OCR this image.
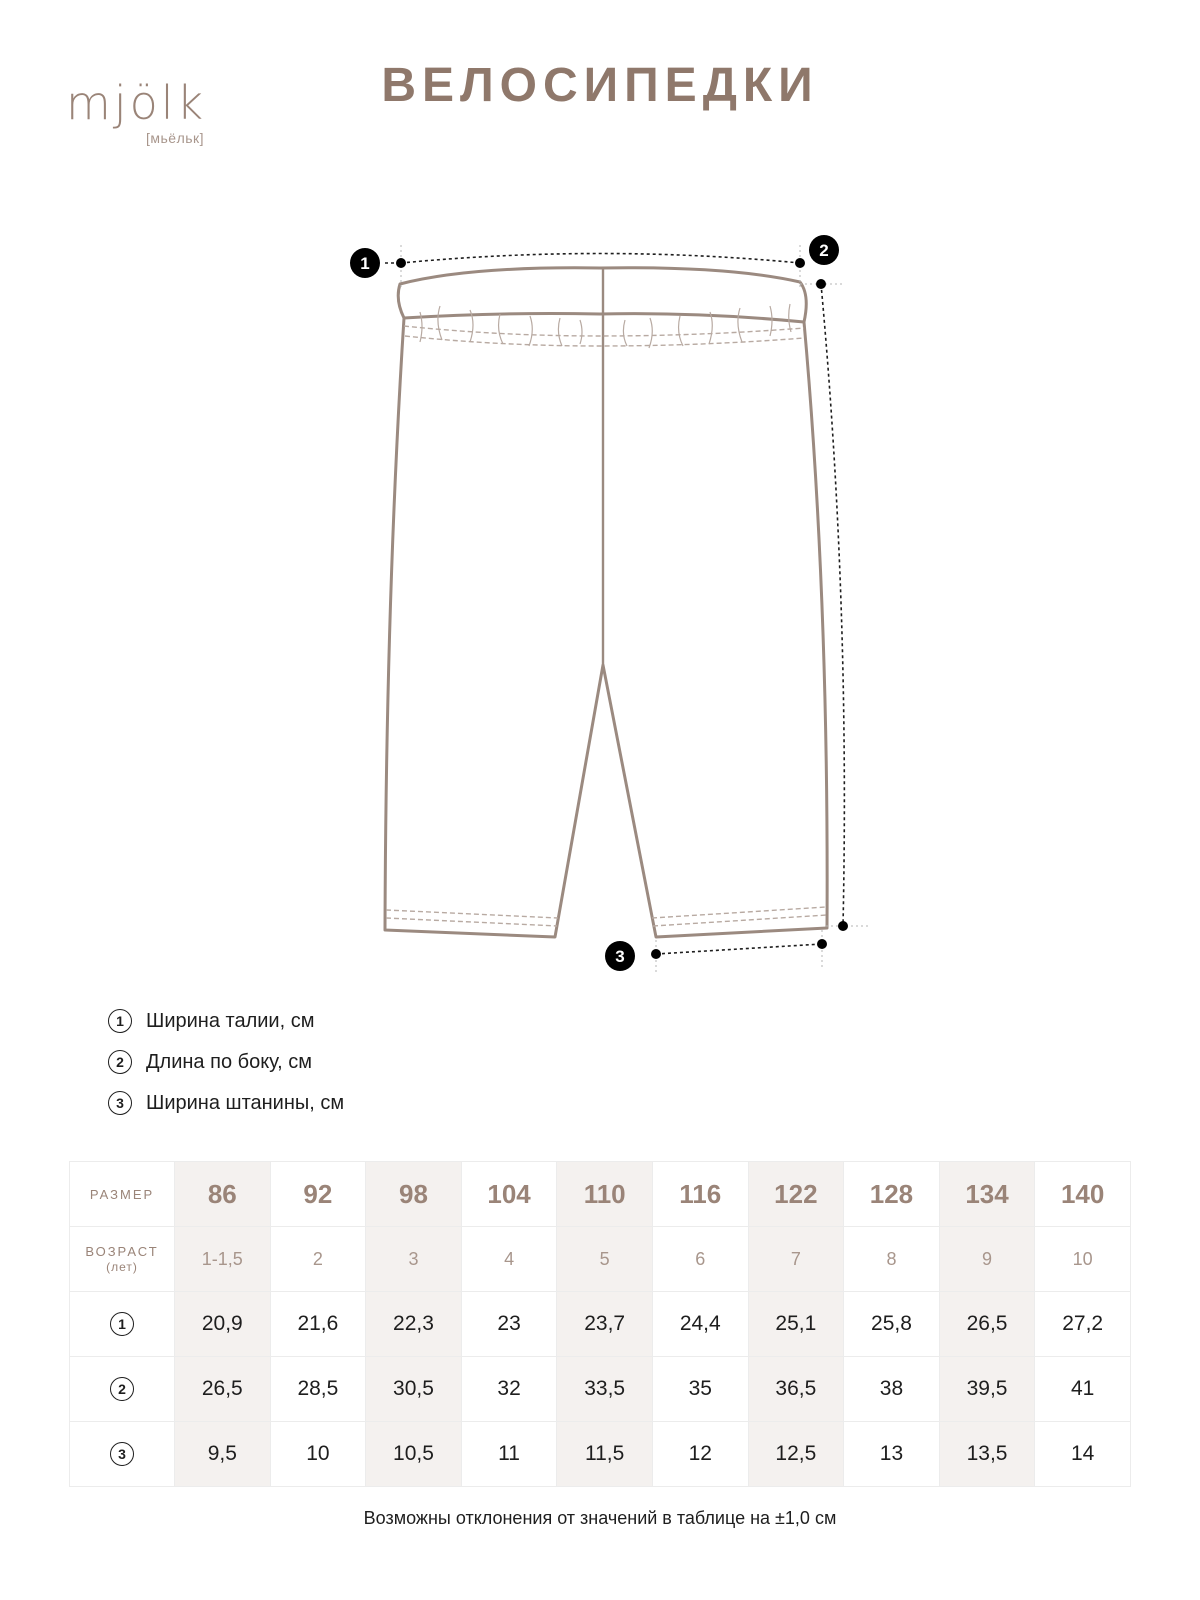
mjölk
[мьёльк]
ВЕЛОСИПЕДКИ
1
2
3
1	Ширина талии, см
2	Длина по боку, см
3	Ширина штанины, см
РАЗМЕР	86	92	98	104	110	116	122	128	134	140
ВОЗРАСТ
(лет)	1-1,5	2	3	4	5	6	7	8	9	10
1	20,9	21,6	22,3	23	23,7	24,4	25,1	25,8	26,5	27,2
2	26,5	28,5	30,5	32	33,5	35	36,5	38	39,5	41
3	9,5	10	10,5	11	11,5	12	12,5	13	13,5	14
Возможны отклонения от значений в таблице на ±1,0 см
